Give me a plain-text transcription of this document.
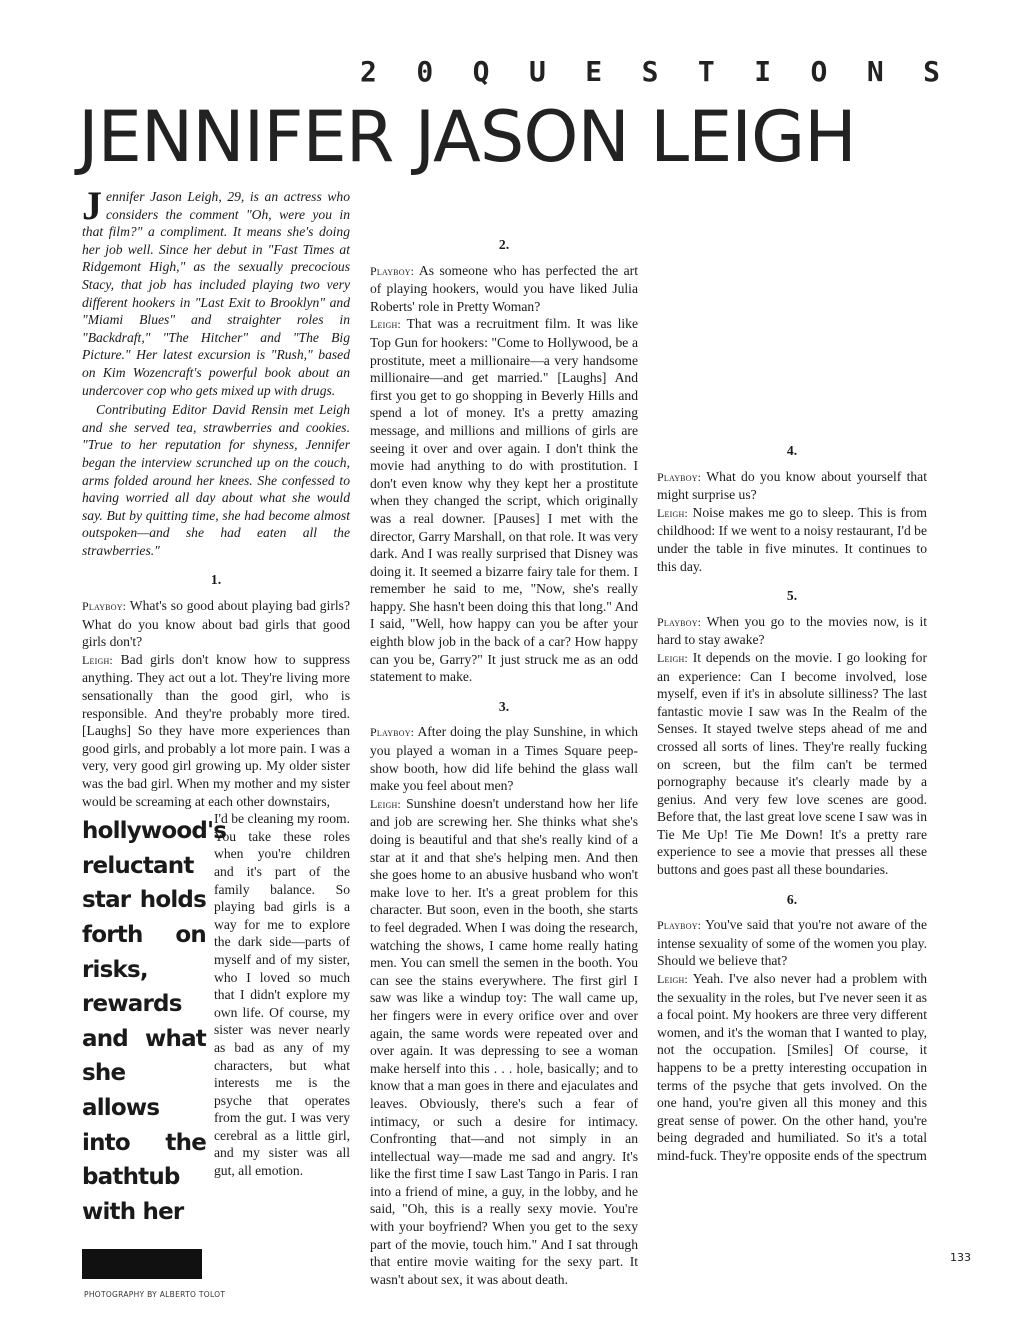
2 0 Q U E S T I O N S
JENNIFER JASON LEIGH

Jennifer Jason Leigh, 29, is an actress who considers the comment "Oh, were you in that film?" a compliment. It means she's doing her job well. Since her debut in "Fast Times at Ridgemont High," as the sexually precocious Stacy, that job has included playing two very different hookers in "Last Exit to Brooklyn" and "Miami Blues" and straighter roles in "Backdraft," "The Hitcher" and "The Big Picture." Her latest excursion is "Rush," based on Kim Wozencraft's powerful book about an undercover cop who gets mixed up with drugs.

Contributing Editor David Rensin met Leigh and she served tea, strawberries and cookies. "True to her reputation for shyness, Jennifer began the interview scrunched up on the couch, arms folded around her knees. She confessed to having worried all day about what she would say. But by quitting time, she had become almost outspoken—and she had eaten all the strawberries."

1.

Playboy: What's so good about playing bad girls? What do you know about bad girls that good girls don't?

Leigh: Bad girls don't know how to suppress anything. They act out a lot. They're living more sensationally than the good girl, who is responsible. And they're probably more tired. [Laughs] So they have more experiences than good girls, and probably a lot more pain. I was a very, very good girl growing up. My older sister was the bad girl. When my mother and my sister would be screaming at each other downstairs,

hollywood's reluctant star holds forth on risks, rewards and what she allows into the bathtub with her
I'd be cleaning my room. You take these roles when you're children and it's part of the family balance. So playing bad girls is a way for me to explore the dark side—parts of myself and of my sister, who I loved so much that I didn't explore my own life. Of course, my sister was never nearly as bad as any of my characters, but what interests me is the psyche that operates from the gut. I was very cerebral as a little girl, and my sister was all gut, all emotion.

2.

Playboy: As someone who has perfected the art of playing hookers, would you have liked Julia Roberts' role in Pretty Woman?

Leigh: That was a recruitment film. It was like Top Gun for hookers: "Come to Hollywood, be a prostitute, meet a millionaire—a very handsome millionaire—and get married." [Laughs] And first you get to go shopping in Beverly Hills and spend a lot of money. It's a pretty amazing message, and millions and millions of girls are seeing it over and over again. I don't think the movie had anything to do with prostitution. I don't even know why they kept her a prostitute when they changed the script, which originally was a real downer. [Pauses] I met with the director, Garry Marshall, on that role. It was very dark. And I was really surprised that Disney was doing it. It seemed a bizarre fairy tale for them. I remember he said to me, "Now, she's really happy. She hasn't been doing this that long." And I said, "Well, how happy can you be after your eighth blow job in the back of a car? How happy can you be, Garry?" It just struck me as an odd statement to make.

3.

Playboy: After doing the play Sunshine, in which you played a woman in a Times Square peep-show booth, how did life behind the glass wall make you feel about men?

Leigh: Sunshine doesn't understand how her life and job are screwing her. She thinks what she's doing is beautiful and that she's really kind of a star at it and that she's helping men. And then she goes home to an abusive husband who won't make love to her. It's a great problem for this character. But soon, even in the booth, she starts to feel degraded. When I was doing the research, watching the shows, I came home really hating men. You can smell the semen in the booth. You can see the stains everywhere. The first girl I saw was like a windup toy: The wall came up, her fingers were in every orifice over and over again, the same words were repeated over and over again. It was depressing to see a woman make herself into this . . . hole, basically; and to know that a man goes in there and ejaculates and leaves. Obviously, there's such a fear of intimacy, or such a desire for intimacy. Confronting that—and not simply in an intellectual way—made me sad and angry. It's like the first time I saw Last Tango in Paris. I ran into a friend of mine, a guy, in the lobby, and he said, "Oh, this is a really sexy movie. You're with your boyfriend? When you get to the sexy part of the movie, touch him." And I sat through that entire movie waiting for the sexy part. It wasn't about sex, it was about death.

4.

Playboy: What do you know about yourself that might surprise us?

Leigh: Noise makes me go to sleep. This is from childhood: If we went to a noisy restaurant, I'd be under the table in five minutes. It continues to this day.

5.

Playboy: When you go to the movies now, is it hard to stay awake?

Leigh: It depends on the movie. I go looking for an experience: Can I become involved, lose myself, even if it's in absolute silliness? The last fantastic movie I saw was In the Realm of the Senses. It stayed twelve steps ahead of me and crossed all sorts of lines. They're really fucking on screen, but the film can't be termed pornography because it's clearly made by a genius. And very few love scenes are good. Before that, the last great love scene I saw was in Tie Me Up! Tie Me Down! It's a pretty rare experience to see a movie that presses all these buttons and goes past all these boundaries.

6.

Playboy: You've said that you're not aware of the intense sexuality of some of the women you play. Should we believe that?

Leigh: Yeah. I've also never had a problem with the sexuality in the roles, but I've never seen it as a focal point. My hookers are three very different women, and it's the woman that I wanted to play, not the occupation. [Smiles] Of course, it happens to be a pretty interesting occupation in terms of the psyche that gets involved. On the one hand, you're given all this money and this great sense of power. On the other hand, you're being degraded and humiliated. So it's a total mind-fuck. They're opposite ends of the spectrum

133
PHOTOGRAPHY BY ALBERTO TOLOT
